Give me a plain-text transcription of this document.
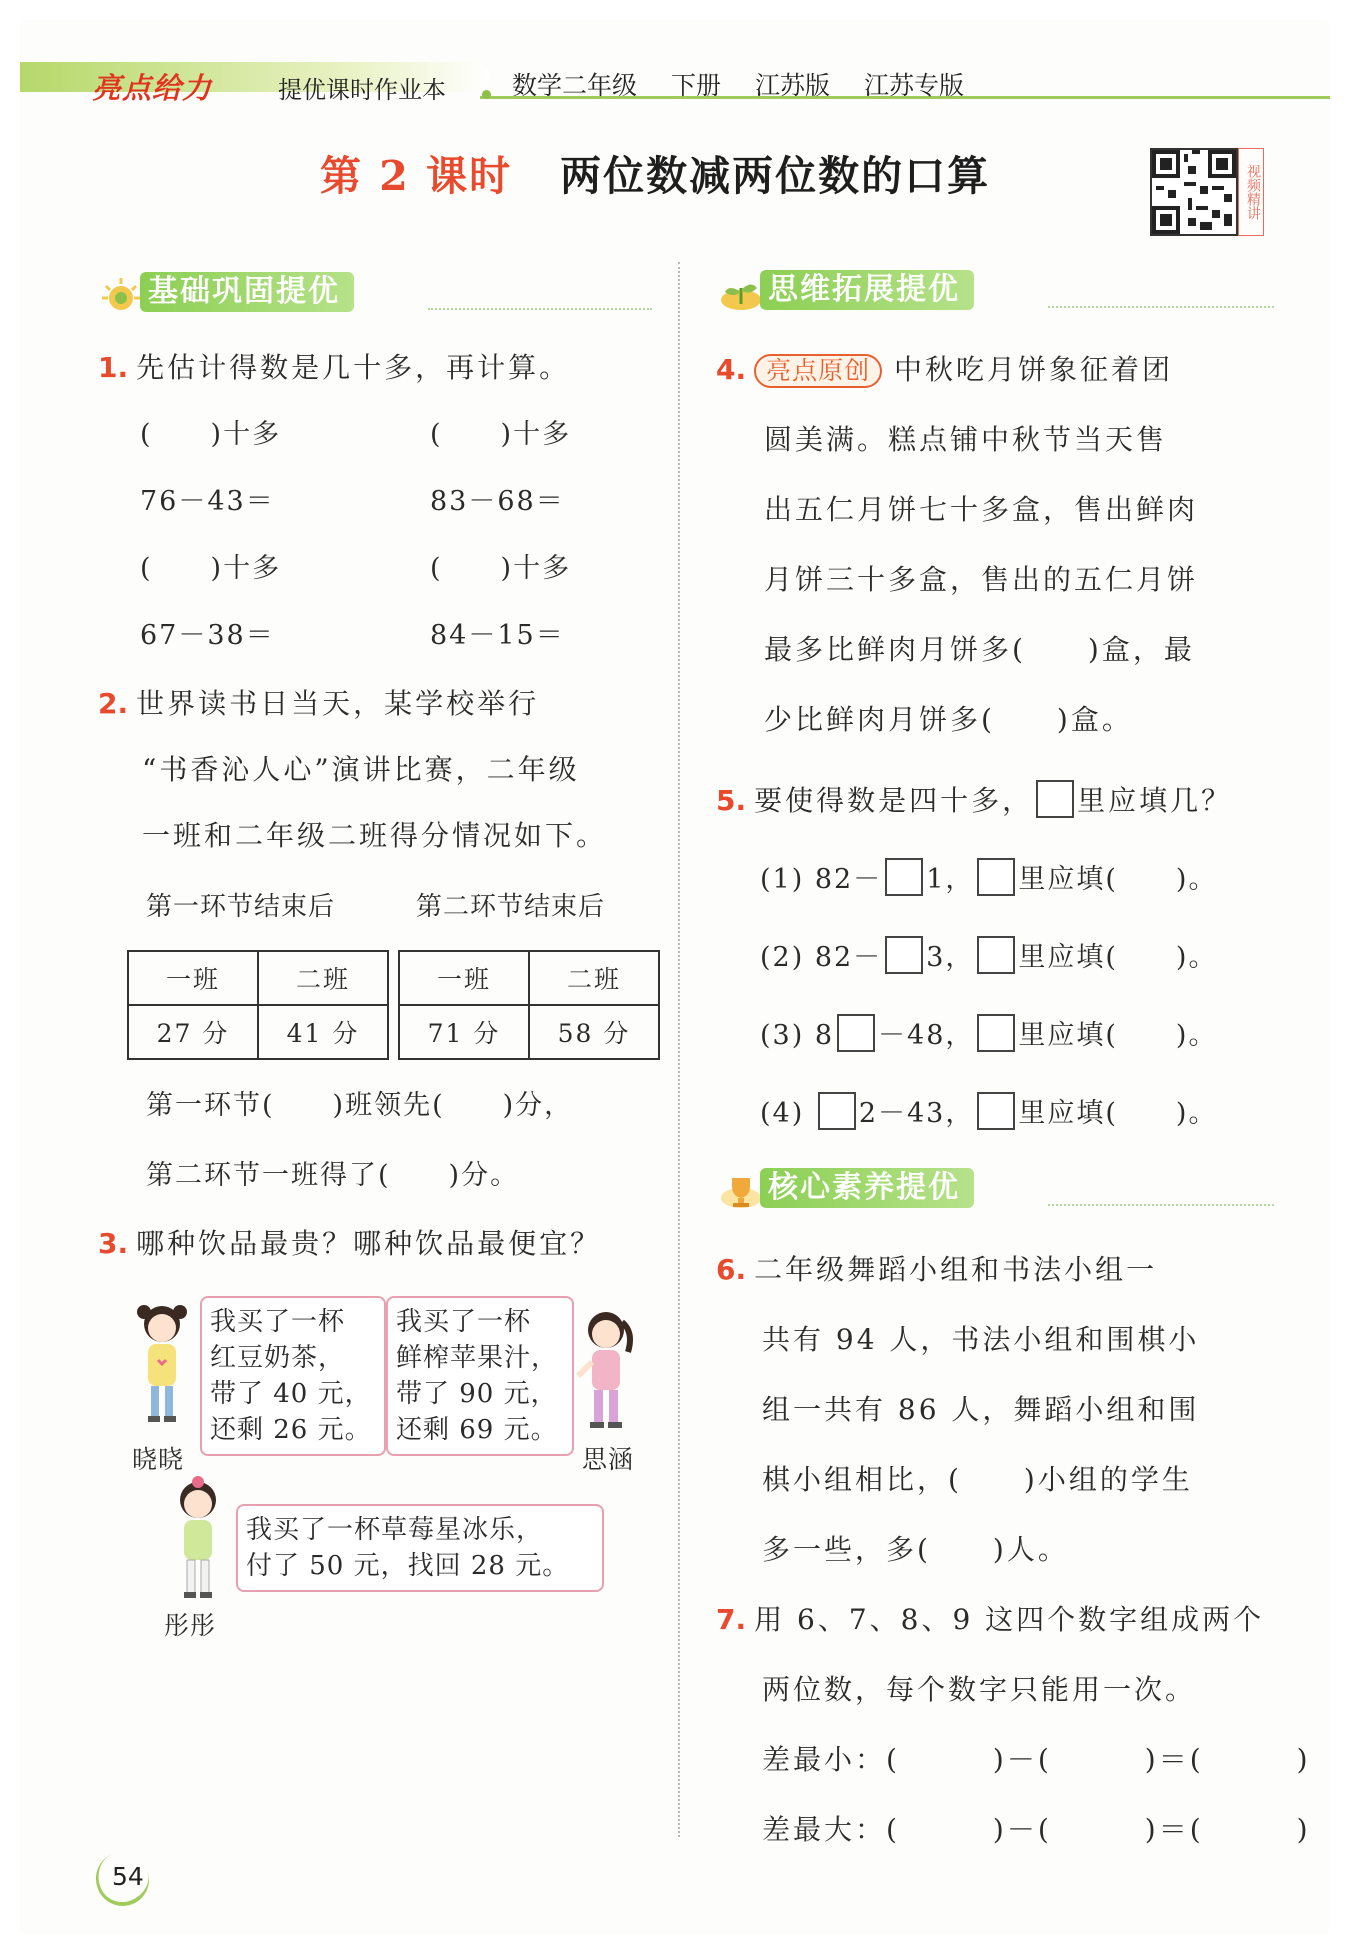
亮点给力	提优课时作业本	数学二年级 下册 江苏版 江苏专版
第 2 课时 两位数减两位数的口算	视频精讲
基础巩固提优
1. 先估计得数是几十多，再计算。
(　　)十多	(　　)十多
76－43＝	83－68＝
(　　)十多	(　　)十多
67－38＝	84－15＝
2. 世界读书日当天，某学校举行
“书香沁人心”演讲比赛，二年级
一班和二年级二班得分情况如下。
第一环节结束后	第二环节结束后
一班	二班
27 分	41 分
一班	二班
71 分	58 分
第一环节(　　)班领先(　　)分，
第二环节一班得了(　　)分。
3. 哪种饮品最贵？哪种饮品最便宜？
晓晓
我买了一杯
红豆奶茶，
带了 40 元，
还剩 26 元。
我买了一杯
鲜榨苹果汁，
带了 90 元，
还剩 69 元。
思涵
彤彤
我买了一杯草莓星冰乐，
付了 50 元，找回 28 元。
思维拓展提优
4. 亮点原创 中秋吃月饼象征着团
圆美满。糕点铺中秋节当天售
出五仁月饼七十多盒，售出鲜肉
月饼三十多盒，售出的五仁月饼
最多比鲜肉月饼多(　　)盒，最
少比鲜肉月饼多(　　)盒。
5. 要使得数是四十多， 里应填几？
(1) 82－ 1， 里应填(　　)。
(2) 82－ 3， 里应填(　　)。
(3) 8 －48， 里应填(　　)。
(4) 2－43， 里应填(　　)。
核心素养提优
6. 二年级舞蹈小组和书法小组一
共有 94 人，书法小组和围棋小
组一共有 86 人，舞蹈小组和围
棋小组相比，(　　)小组的学生
多一些，多(　　)人。
7. 用 6、7、8、9 这四个数字组成两个
两位数，每个数字只能用一次。
差最小：(　　　)－(　　　)＝(　　　)
差最大：(　　　)－(　　　)＝(　　　)
54
